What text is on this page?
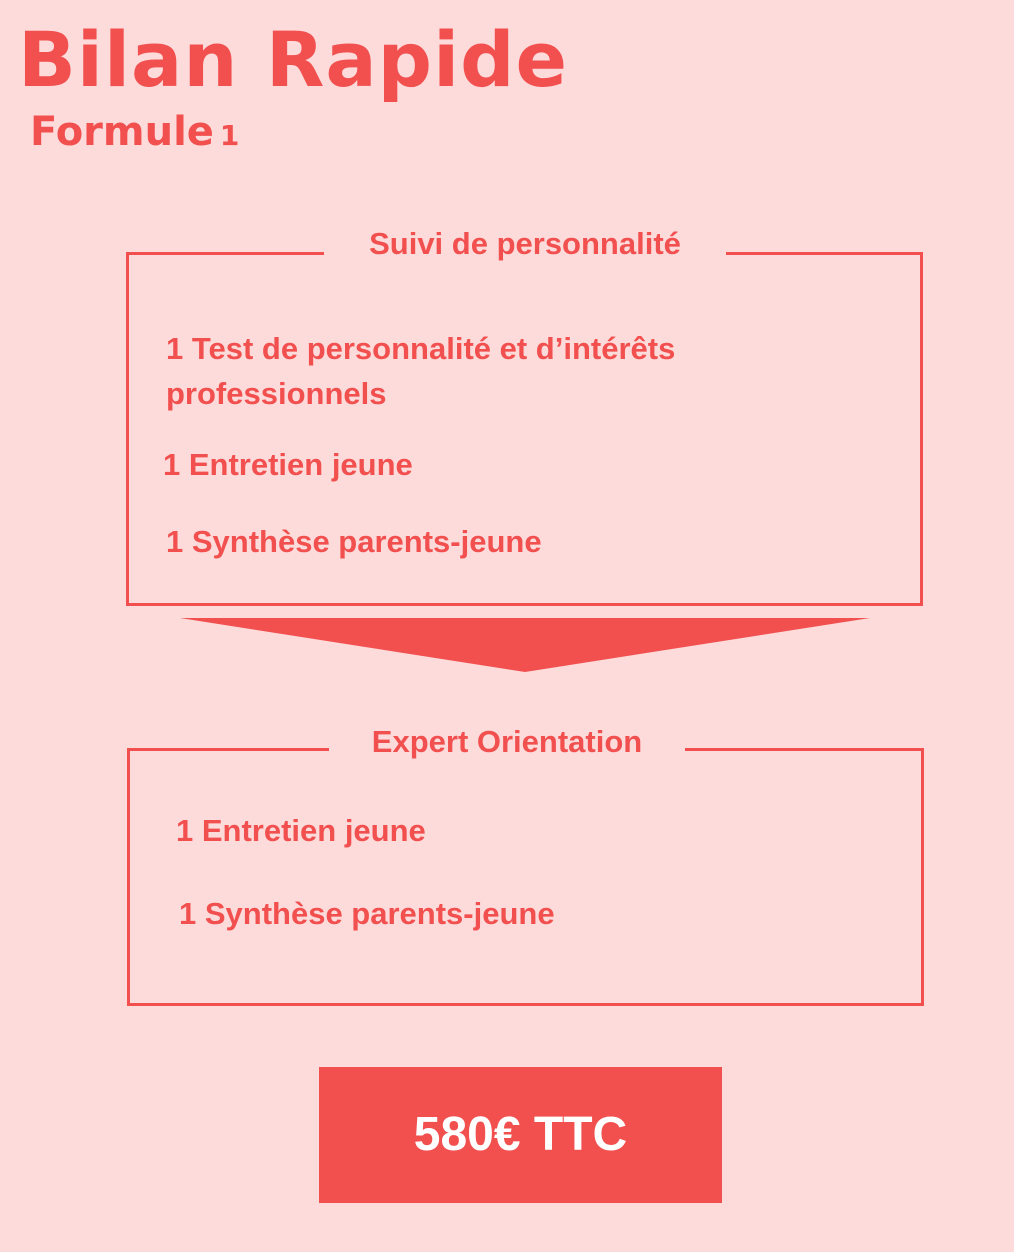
Bilan Rapide
Formule 1
Suivi de personnalité
1 Test de personnalité et d’intérêts professionnels
1 Entretien jeune
1 Synthèse parents-jeune
Expert Orientation
1 Entretien jeune
1 Synthèse parents-jeune
580€ TTC
